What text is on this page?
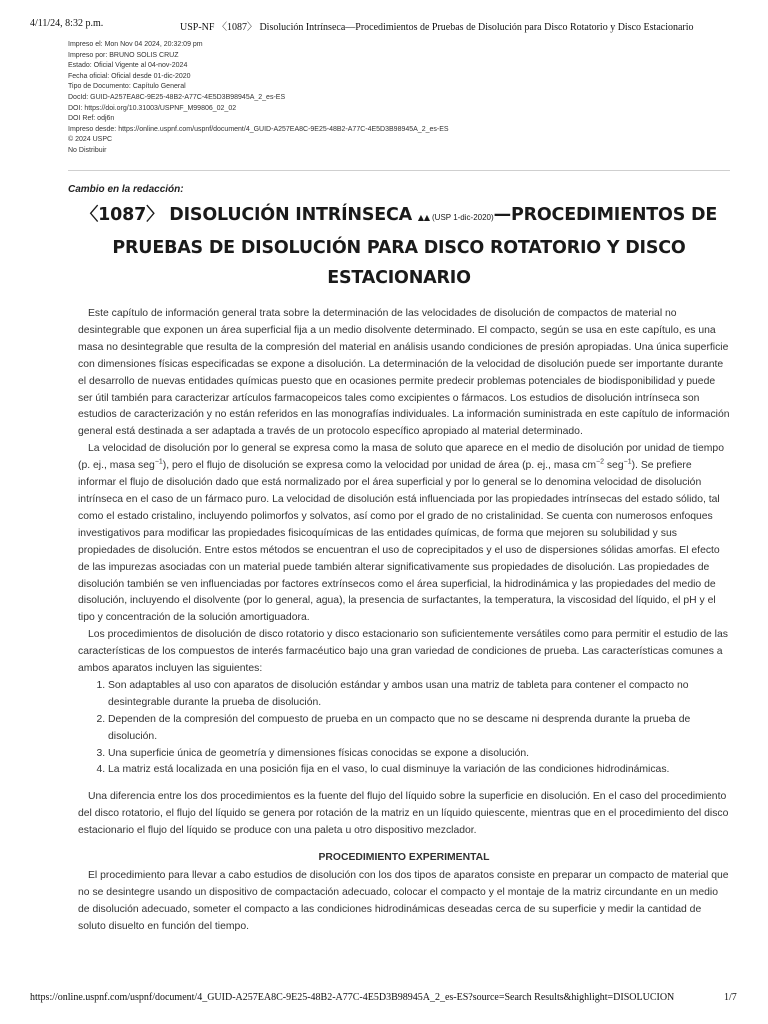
4/11/24, 8:32 p.m.	USP-NF 〈1087〉 Disolución Intrínseca—Procedimientos de Pruebas de Disolución para Disco Rotatorio y Disco Estacionario
Impreso el: Mon Nov 04 2024, 20:32:09 pm
Impreso por: BRUNO SOLIS CRUZ
Estado: Oficial Vigente al 04-nov-2024
Fecha oficial: Oficial desde 01-dic-2020
Tipo de Documento: Capítulo General
DocId: GUID-A257EA8C-9E25-48B2-A77C-4E5D3B98945A_2_es-ES
DOI: https://doi.org/10.31003/USPNF_M99806_02_02
DOI Ref: odj6n
Impreso desde: https://online.uspnf.com/uspnf/document/4_GUID-A257EA8C-9E25-48B2-A77C-4E5D3B98945A_2_es-ES
© 2024 USPC
No Distribuir
Cambio en la redacción:
〈1087〉 DISOLUCIÓN INTRÍNSECA ▲▲ (USP 1-dic-2020)—PROCEDIMIENTOS DE PRUEBAS DE DISOLUCIÓN PARA DISCO ROTATORIO Y DISCO ESTACIONARIO

Este capítulo de información general trata sobre la determinación de las velocidades de disolución de compactos de material no desintegrable que exponen un área superficial fija a un medio disolvente determinado. El compacto, según se usa en este capítulo, es una masa no desintegrable que resulta de la compresión del material en análisis usando condiciones de presión apropiadas. Una única superficie con dimensiones físicas especificadas se expone a disolución. La determinación de la velocidad de disolución puede ser importante durante el desarrollo de nuevas entidades químicas puesto que en ocasiones permite predecir problemas potenciales de biodisponibilidad y puede ser útil también para caracterizar artículos farmacopeicos tales como excipientes o fármacos. Los estudios de disolución intrínseca son estudios de caracterización y no están referidos en las monografías individuales. La información suministrada en este capítulo de información general está destinada a ser adaptada a través de un protocolo específico apropiado al material determinado.

La velocidad de disolución por lo general se expresa como la masa de soluto que aparece en el medio de disolución por unidad de tiempo (p. ej., masa seg$^{-1}$), pero el flujo de disolución se expresa como la velocidad por unidad de área (p. ej., masa $cm^{-2}$ seg$^{-1}$). Se prefiere informar el flujo de disolución dado que está normalizado por el área superficial y por lo general se lo denomina velocidad de disolución intrínseca en el caso de un fármaco puro. La velocidad de disolución está influenciada por las propiedades intrínsecas del estado sólido, tal como el estado cristalino, incluyendo polimorfos y solvatos, así como por el grado de no cristalinidad. Se cuenta con numerosos enfoques investigativos para modificar las propiedades fisicoquímicas de las entidades químicas, de forma que mejoren su solubilidad y sus propiedades de disolución. Entre estos métodos se encuentran el uso de coprecipitados y el uso de dispersiones sólidas amorfas. El efecto de las impurezas asociadas con un material puede también alterar significativamente sus propiedades de disolución. Las propiedades de disolución también se ven influenciadas por factores extrínsecos como el área superficial, la hidrodinámica y las propiedades del medio de disolución, incluyendo el disolvente (por lo general, agua), la presencia de surfactantes, la temperatura, la viscosidad del líquido, el pH y el tipo y concentración de la solución amortiguadora.

Los procedimientos de disolución de disco rotatorio y disco estacionario son suficientemente versátiles como para permitir el estudio de las características de los compuestos de interés farmacéutico bajo una gran variedad de condiciones de prueba. Las características comunes a ambos aparatos incluyen las siguientes:

1. Son adaptables al uso con aparatos de disolución estándar y ambos usan una matriz de tableta para contener el compacto no desintegrable durante la prueba de disolución.
2. Dependen de la compresión del compuesto de prueba en un compacto que no se descame ni desprenda durante la prueba de disolución.
3. Una superficie única de geometría y dimensiones físicas conocidas se expone a disolución.
4. La matriz está localizada en una posición fija en el vaso, lo cual disminuye la variación de las condiciones hidrodinámicas.

Una diferencia entre los dos procedimientos es la fuente del flujo del líquido sobre la superficie en disolución. En el caso del procedimiento del disco rotatorio, el flujo del líquido se genera por rotación de la matriz en un líquido quiescente, mientras que en el procedimiento del disco estacionario el flujo del líquido se produce con una paleta u otro dispositivo mezclador.

PROCEDIMIENTO EXPERIMENTAL

El procedimiento para llevar a cabo estudios de disolución con los dos tipos de aparatos consiste en preparar un compacto de material que no se desintegre usando un dispositivo de compactación adecuado, colocar el compacto y el montaje de la matriz circundante en un medio de disolución adecuado, someter el compacto a las condiciones hidrodinámicas deseadas cerca de su superficie y medir la cantidad de soluto disuelto en función del tiempo.

https://online.uspnf.com/uspnf/document/4_GUID-A257EA8C-9E25-48B2-A77C-4E5D3B98945A_2_es-ES?source=Search Results&highlight=DISOLUCION	1/7
